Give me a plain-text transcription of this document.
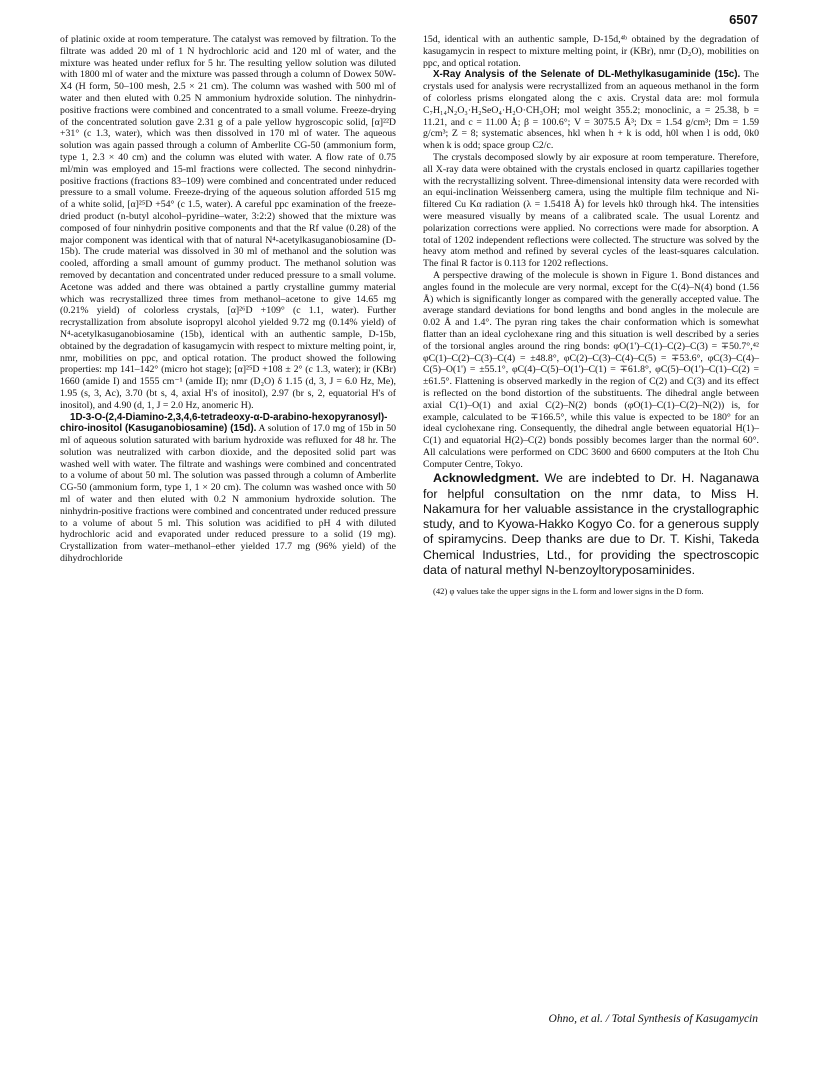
6507

of platinic oxide at room temperature. The catalyst was removed by filtration. To the filtrate was added 20 ml of 1 N hydrochloric acid and 120 ml of water, and the mixture was heated under reflux for 5 hr. The resulting yellow solution was diluted with 1800 ml of water and the mixture was passed through a column of Dowex 50W-X4 (H form, 50–100 mesh, 2.5 × 21 cm). The column was washed with 500 ml of water and then eluted with 0.25 N ammonium hydroxide solution. The ninhydrin-positive fractions were combined and concentrated to a small volume. Freeze-drying of the concentrated solution gave 2.31 g of a pale yellow hygroscopic solid, [α]²²D +31° (c 1.3, water), which was then dissolved in 170 ml of water. The aqueous solution was again passed through a column of Amberlite CG-50 (ammonium form, type 1, 2.3 × 40 cm) and the column was eluted with water. A flow rate of 0.75 ml/min was employed and 15-ml fractions were collected. The second ninhydrin-positive fractions (fractions 83–109) were combined and concentrated under reduced pressure to a small volume. Freeze-drying of the aqueous solution afforded 515 mg of a white solid, [α]²⁵D +54° (c 1.5, water). A careful ppc examination of the freeze-dried product (n-butyl alcohol–pyridine–water, 3:2:2) showed that the mixture was composed of four ninhydrin positive components and that the Rf value (0.28) of the major component was identical with that of natural N⁴-acetylkasuganobiosamine (D-15b). The crude material was dissolved in 30 ml of methanol and the solution was cooled, affording a small amount of gummy product. The methanol solution was removed by decantation and concentrated under reduced pressure to a small volume. Acetone was added and there was obtained a partly crystalline gummy material which was recrystallized three times from methanol–acetone to give 14.65 mg (0.21% yield) of colorless crystals, [α]²⁶D +109° (c 1.1, water). Further recrystallization from absolute isopropyl alcohol yielded 9.72 mg (0.14% yield) of N⁴-acetylkasuganobiosamine (15b), identical with an authentic sample, D-15b, obtained by the degradation of kasugamycin with respect to mixture melting point, ir, nmr, mobilities on ppc, and optical rotation. The product showed the following properties: mp 141–142° (micro hot stage); [α]²⁵D +108 ± 2° (c 1.3, water); ir (KBr) 1660 (amide I) and 1555 cm⁻¹ (amide II); nmr (D₂O) δ 1.15 (d, 3, J = 6.0 Hz, Me), 1.95 (s, 3, Ac), 3.70 (bt s, 4, axial H's of inositol), 2.97 (br s, 2, equatorial H's of inositol), and 4.90 (d, 1, J = 2.0 Hz, anomeric H).

1D-3-O-(2,4-Diamino-2,3,4,6-tetradeoxy-α-D-arabino-hexopyranosyl)-chiro-inositol (Kasuganobiosamine) (15d). A solution of 17.0 mg of 15b in 50 ml of aqueous solution saturated with barium hydroxide was refluxed for 48 hr. The solution was neutralized with carbon dioxide, and the deposited solid part was washed well with water. The filtrate and washings were combined and concentrated to a volume of about 50 ml. The solution was passed through a column of Amberlite CG-50 (ammonium form, type 1, 1 × 20 cm). The column was washed once with 50 ml of water and then eluted with 0.2 N ammonium hydroxide solution. The ninhydrin-positive fractions were combined and concentrated under reduced pressure to a volume of about 5 ml. This solution was acidified to pH 4 with diluted hydrochloric acid and evaporated under reduced pressure to a solid (19 mg). Crystallization from water–methanol–ether yielded 17.7 mg (96% yield) of the dihydrochloride

15d, identical with an authentic sample, D-15d,⁴ᵇ obtained by the degradation of kasugamycin in respect to mixture melting point, ir (KBr), nmr (D₂O), mobilities on ppc, and optical rotation.

X-Ray Analysis of the Selenate of DL-Methylkasugaminide (15c). The crystals used for analysis were recrystallized from an aqueous methanol in the form of colorless prisms elongated along the c axis. Crystal data are: mol formula C₇H₁₄N₂O₃·H₂SeO₄·H₂O·CH₃OH; mol weight 355.2; monoclinic, a = 25.38, b = 11.21, and c = 11.00 Å; β = 100.6°; V = 3075.5 Å³; Dx = 1.54 g/cm³; Dm = 1.59 g/cm³; Z = 8; systematic absences, hkl when h + k is odd, h0l when l is odd, 0k0 when k is odd; space group C2/c.

The crystals decomposed slowly by air exposure at room temperature. Therefore, all X-ray data were obtained with the crystals enclosed in quartz capillaries together with the recrystallizing solvent. Three-dimensional intensity data were recorded with an equi-inclination Weissenberg camera, using the multiple film technique and Ni-filtered Cu Kα radiation (λ = 1.5418 Å) for levels hk0 through hk4. The intensities were measured visually by means of a calibrated scale. The usual Lorentz and polarization corrections were applied. No corrections were made for absorption. A total of 1202 independent reflections were collected. The structure was solved by the heavy atom method and refined by several cycles of the least-squares calculation. The final R factor is 0.113 for 1202 reflections.

A perspective drawing of the molecule is shown in Figure 1. Bond distances and angles found in the molecule are very normal, except for the C(4)–N(4) bond (1.56 Å) which is significantly longer as compared with the generally accepted value. The average standard deviations for bond lengths and bond angles in the molecule are 0.02 Å and 1.4°. The pyran ring takes the chair conformation which is somewhat flatter than an ideal cyclohexane ring and this situation is well described by a series of the torsional angles around the ring bonds: φO(1')–C(1)–C(2)–C(3) = ∓50.7°,⁴² φC(1)–C(2)–C(3)–C(4) = ±48.8°, φC(2)–C(3)–C(4)–C(5) = ∓53.6°, φC(3)–C(4)–C(5)–O(1') = ±55.1°, φC(4)–C(5)–O(1')–C(1) = ∓61.8°, φC(5)–O(1')–C(1)–C(2) = ±61.5°. Flattening is observed markedly in the region of C(2) and C(3) and its effect is reflected on the bond distortion of the substituents. The dihedral angle between axial C(1)–O(1) and axial C(2)–N(2) bonds (φO(1)–C(1)–C(2)–N(2)) is, for example, calculated to be ∓166.5°, while this value is expected to be 180° for an ideal cyclohexane ring. Consequently, the dihedral angle between equatorial H(1)–C(1) and equatorial H(2)–C(2) bonds possibly becomes larger than the normal 60°. All calculations were performed on CDC 3600 and 6600 computers at the Itoh Chu Computer Centre, Tokyo.

Acknowledgment. We are indebted to Dr. H. Naganawa for helpful consultation on the nmr data, to Miss H. Nakamura for her valuable assistance in the crystallographic study, and to Kyowa-Hakko Kogyo Co. for a generous supply of spiramycins. Deep thanks are due to Dr. T. Kishi, Takeda Chemical Industries, Ltd., for providing the spectroscopic data of natural methyl N-benzoyltoryposaminides.

(42) φ values take the upper signs in the L form and lower signs in the D form.

Ohno, et al. / Total Synthesis of Kasugamycin
